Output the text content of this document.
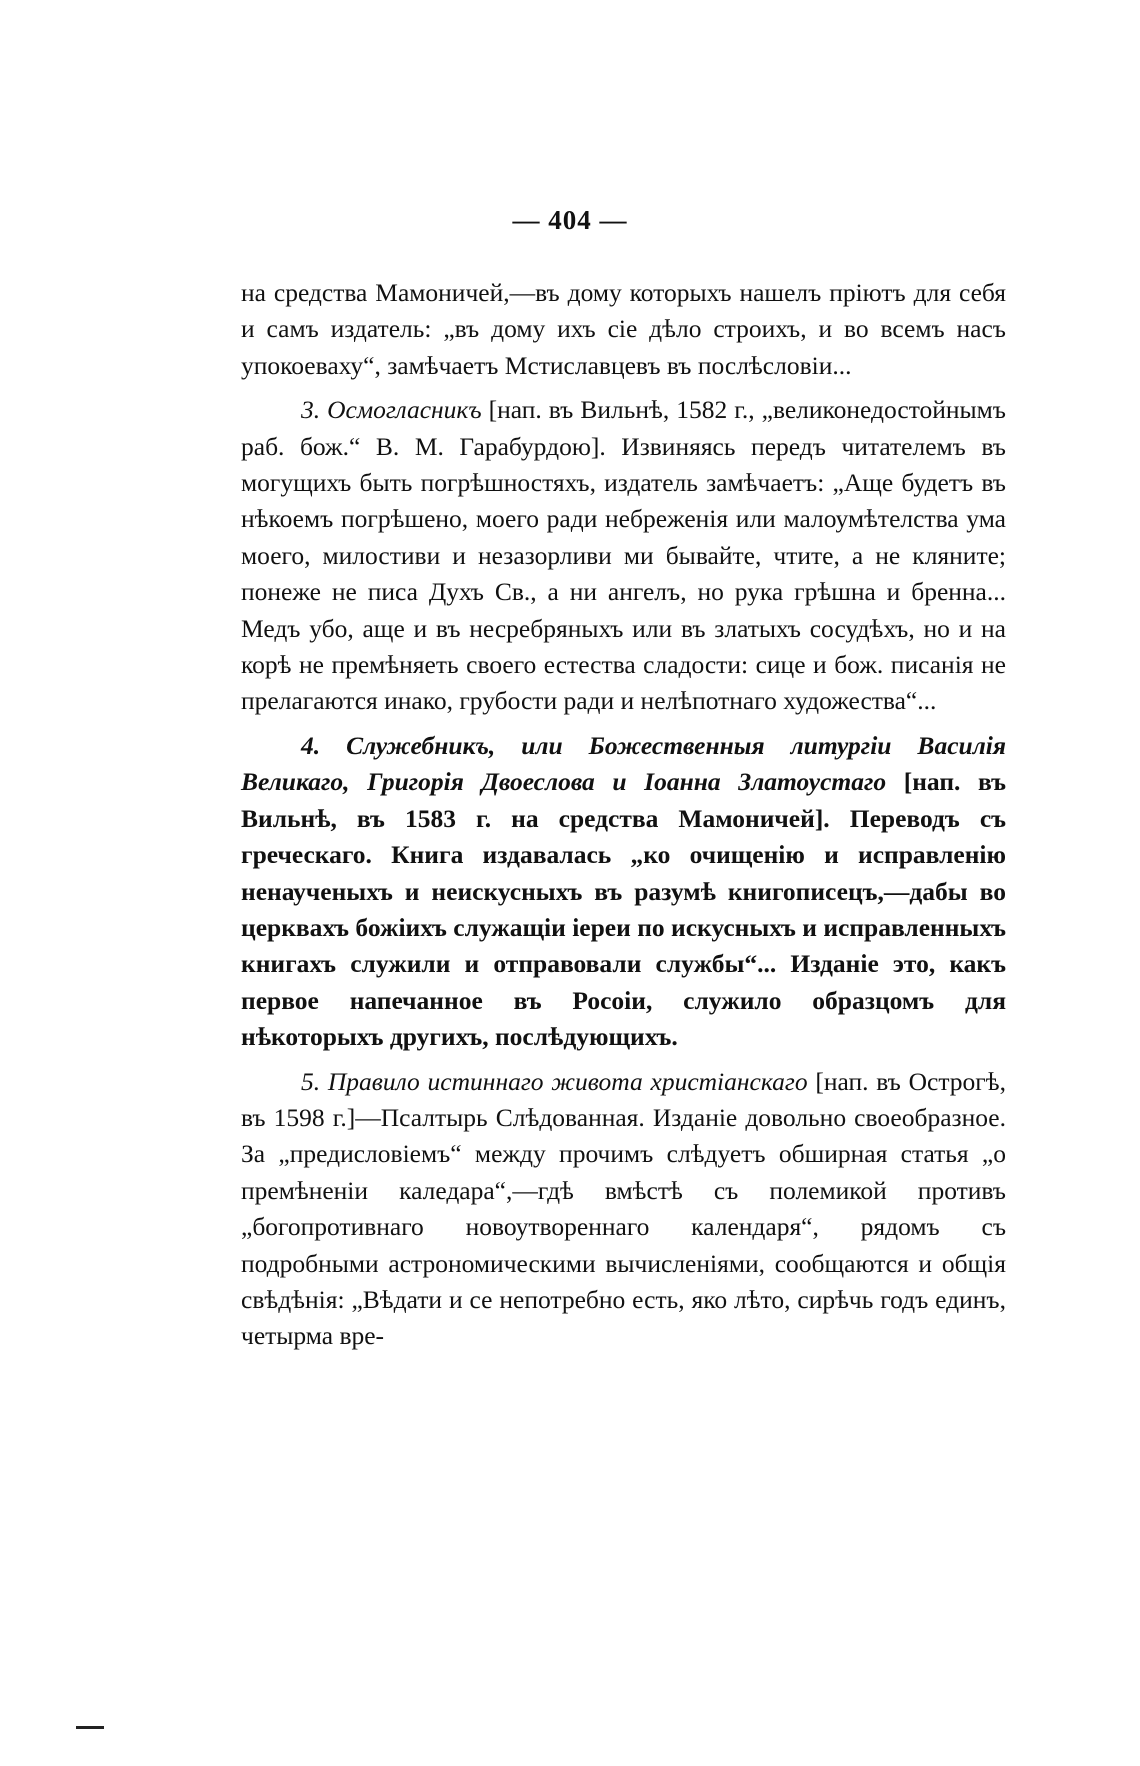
— 404 —

на средства Мамоничей,—въ дому которыхъ нашелъ пріютъ для себя и самъ издатель: „въ дому ихъ сіе дѣло строихъ, и во всемъ насъ упокоеваху“, замѣчаетъ Мстиславцевъ въ послѣсловіи...

3. Осмогласникъ [нап. въ Вильнѣ, 1582 г., „великонедостойнымъ раб. бож.“ В. М. Гарабурдою]. Извиняясь передъ читателемъ въ могущихъ быть погрѣшностяхъ, издатель замѣчаетъ: „Аще будетъ въ нѣкоемъ погрѣшено, моего ради небреженія или малоумѣтелства ума моего, милостиви и незазорливи ми бывайте, чтите, а не кляните; понеже не писа Духъ Св., а ни ангелъ, но рука грѣшна и бренна... Медъ убо, аще и въ несребряныхъ или въ златыхъ сосудѣхъ, но и на корѣ не премѣняеть своего естества сладости: сице и бож. писанія не прелагаются инако, грубости ради и нелѣпотнаго художества“...

4. Служебникъ, или Божественныя литургіи Василія Великаго, Григорія Двоеслова и Іоанна Златоустаго [нап. въ Вильнѣ, въ 1583 г. на средства Мамоничей]. Переводъ съ греческаго. Книга издавалась „ко очищенію и исправленію ненаученыхъ и неискусныхъ въ разумѣ книгописецъ,—дабы во церквахъ божіихъ служащіи іереи по искусныхъ и исправленныхъ книгахъ служили и отправовали службы“... Изданіе это, какъ первое напечанное въ Росоіи, служило образцомъ для нѣкоторыхъ другихъ, послѣдующихъ.

5. Правило истиннаго живота христіанскаго [нап. въ Острогѣ, въ 1598 г.]—Псалтырь Слѣдованная. Изданіе довольно своеобразное. За „предисловіемъ“ между прочимъ слѣдуетъ обширная статья „о премѣненіи каледара“,—гдѣ вмѣстѣ съ полемикой противъ „богопротивнаго новоутвореннаго календаря“, рядомъ съ подробными астрономическими вычисленіями, сообщаются и общія свѣдѣнія: „Вѣдати и се непотребно есть, яко лѣто, сирѣчь годъ единъ, четырма вре-
